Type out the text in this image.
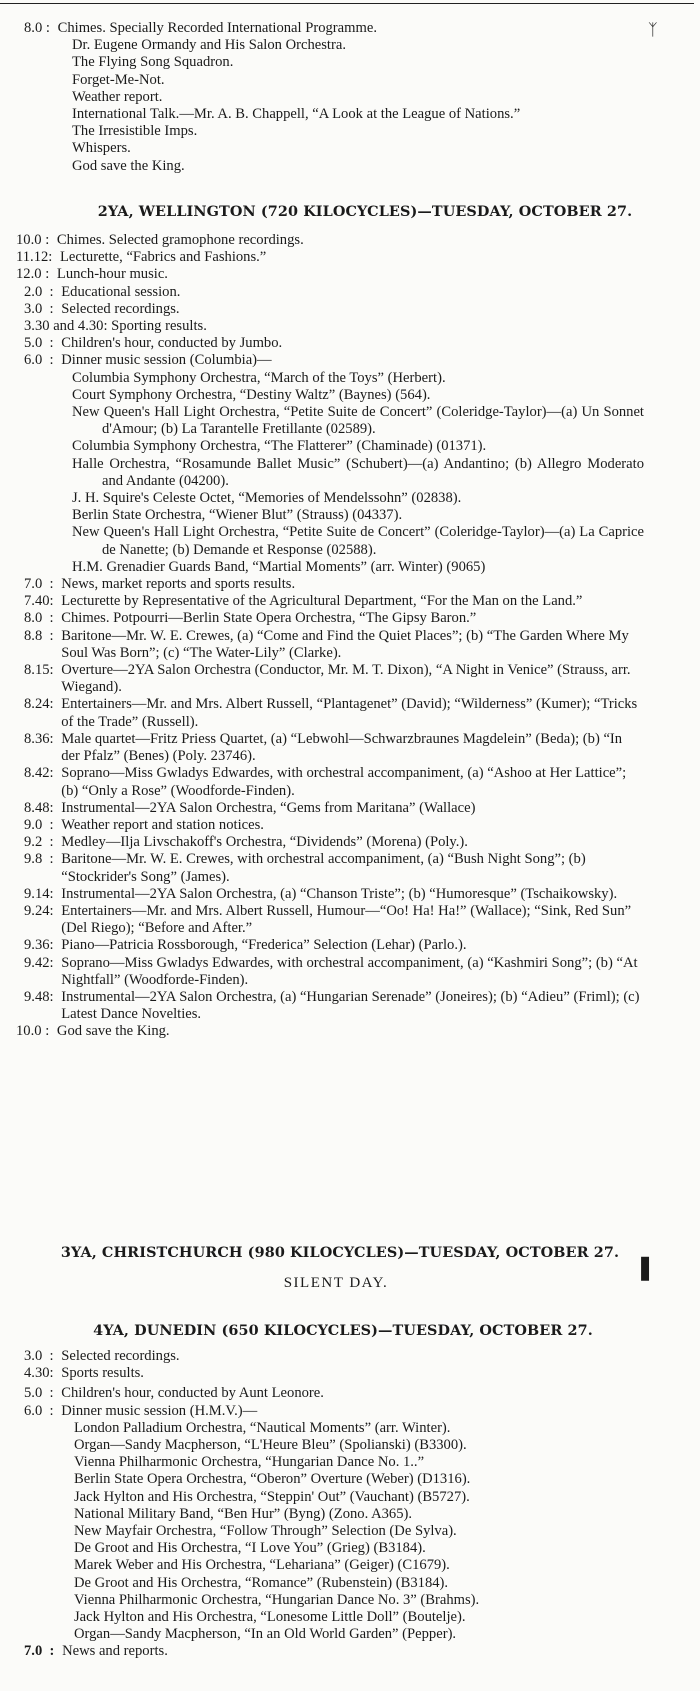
8.0 : Chimes. Specially Recorded International Programme.
Dr. Eugene Ormandy and His Salon Orchestra.
The Flying Song Squadron.
Forget-Me-Not.
Weather report.
International Talk.—Mr. A. B. Chappell, “A Look at the League of Nations.”
The Irresistible Imps.
Whispers.
God save the King.
2YA, WELLINGTON (720 KILOCYCLES)—TUESDAY, OCTOBER 27.
10.0 : Chimes. Selected gramophone recordings.
11.12 : Lecturette, “Fabrics and Fashions.”
12.0 : Lunch-hour music.
2.0 : Educational session.
3.0 : Selected recordings.
3.30 and 4.30: Sporting results.
5.0 : Children's hour, conducted by Jumbo.
6.0 : Dinner music session (Columbia)—
Columbia Symphony Orchestra, “March of the Toys” (Herbert).
Court Symphony Orchestra, “Destiny Waltz” (Baynes) (564).
New Queen's Hall Light Orchestra, “Petite Suite de Concert” (Coleridge-Taylor)—(a) Un Sonnet d'Amour; (b) La Tarantelle Fretillante (02589).
Columbia Symphony Orchestra, “The Flatterer” (Chaminade) (01371).
Halle Orchestra, “Rosamunde Ballet Music” (Schubert)—(a) Andantino; (b) Allegro Moderato and Andante (04200).
J. H. Squire's Celeste Octet, “Memories of Mendelssohn” (02838).
Berlin State Orchestra, “Wiener Blut” (Strauss) (04337).
New Queen's Hall Light Orchestra, “Petite Suite de Concert” (Coleridge-Taylor)—(a) La Caprice de Nanette; (b) Demande et Response (02588).
H.M. Grenadier Guards Band, “Martial Moments” (arr. Winter) (9065)
7.0 : News, market reports and sports results.
7.40 : Lecturette by Representative of the Agricultural Department, “For the Man on the Land.”
8.0 : Chimes. Potpourri—Berlin State Opera Orchestra, “The Gipsy Baron.”
8.8 : Baritone—Mr. W. E. Crewes, (a) “Come and Find the Quiet Places”; (b) “The Garden Where My Soul Was Born”; (c) “The Water-Lily” (Clarke).
8.15 : Overture—2YA Salon Orchestra (Conductor, Mr. M. T. Dixon), “A Night in Venice” (Strauss, arr. Wiegand).
8.24 : Entertainers—Mr. and Mrs. Albert Russell, “Plantagenet” (David); “Wilderness” (Kumer); “Tricks of the Trade” (Russell).
8.36 : Male quartet—Fritz Priess Quartet, (a) “Lebwohl—Schwarzbraunes Magdelein” (Beda); (b) “In der Pfalz” (Benes) (Poly. 23746).
8.42 : Soprano—Miss Gwladys Edwardes, with orchestral accompaniment, (a) “Ashoo at Her Lattice”; (b) “Only a Rose” (Woodforde-Finden).
8.48 : Instrumental—2YA Salon Orchestra, “Gems from Maritana” (Wallace)
9.0 : Weather report and station notices.
9.2 : Medley—Ilja Livschakoff's Orchestra, “Dividends” (Morena) (Poly.).
9.8 : Baritone—Mr. W. E. Crewes, with orchestral accompaniment, (a) “Bush Night Song”; (b) “Stockrider's Song” (James).
9.14 : Instrumental—2YA Salon Orchestra, (a) “Chanson Triste”; (b) “Humoresque” (Tschaikowsky).
9.24 : Entertainers—Mr. and Mrs. Albert Russell, Humour—“Oo! Ha! Ha!” (Wallace); “Sink, Red Sun” (Del Riego); “Before and After.”
9.36 : Piano—Patricia Rossborough, “Frederica” Selection (Lehar) (Parlo.).
9.42 : Soprano—Miss Gwladys Edwardes, with orchestral accompaniment, (a) “Kashmiri Song”; (b) “At Nightfall” (Woodforde-Finden).
9.48 : Instrumental—2YA Salon Orchestra, (a) “Hungarian Serenade” (Joneires); (b) “Adieu” (Friml); (c) Latest Dance Novelties.
10.0 : God save the King.
3YA, CHRISTCHURCH (980 KILOCYCLES)—TUESDAY, OCTOBER 27.
SILENT DAY.
❚
4YA, DUNEDIN (650 KILOCYCLES)—TUESDAY, OCTOBER 27.
3.0 : Selected recordings.
4.30 : Sports results.
5.0 : Children's hour, conducted by Aunt Leonore.
6.0 : Dinner music session (H.M.V.)—
London Palladium Orchestra, “Nautical Moments” (arr. Winter).
Organ—Sandy Macpherson, “L'Heure Bleu” (Spolianski) (B3300).
Vienna Philharmonic Orchestra, “Hungarian Dance No. 1..”
Berlin State Opera Orchestra, “Oberon” Overture (Weber) (D1316).
Jack Hylton and His Orchestra, “Steppin' Out” (Vauchant) (B5727).
National Military Band, “Ben Hur” (Byng) (Zono. A365).
New Mayfair Orchestra, “Follow Through” Selection (De Sylva).
De Groot and His Orchestra, “I Love You” (Grieg) (B3184).
Marek Weber and His Orchestra, “Lehariana” (Geiger) (C1679).
De Groot and His Orchestra, “Romance” (Rubenstein) (B3184).
Vienna Philharmonic Orchestra, “Hungarian Dance No. 3” (Brahms).
Jack Hylton and His Orchestra, “Lonesome Little Doll” (Boutelje).
Organ—Sandy Macpherson, “In an Old World Garden” (Pepper).
7.0 : News and reports.
ᛉ
